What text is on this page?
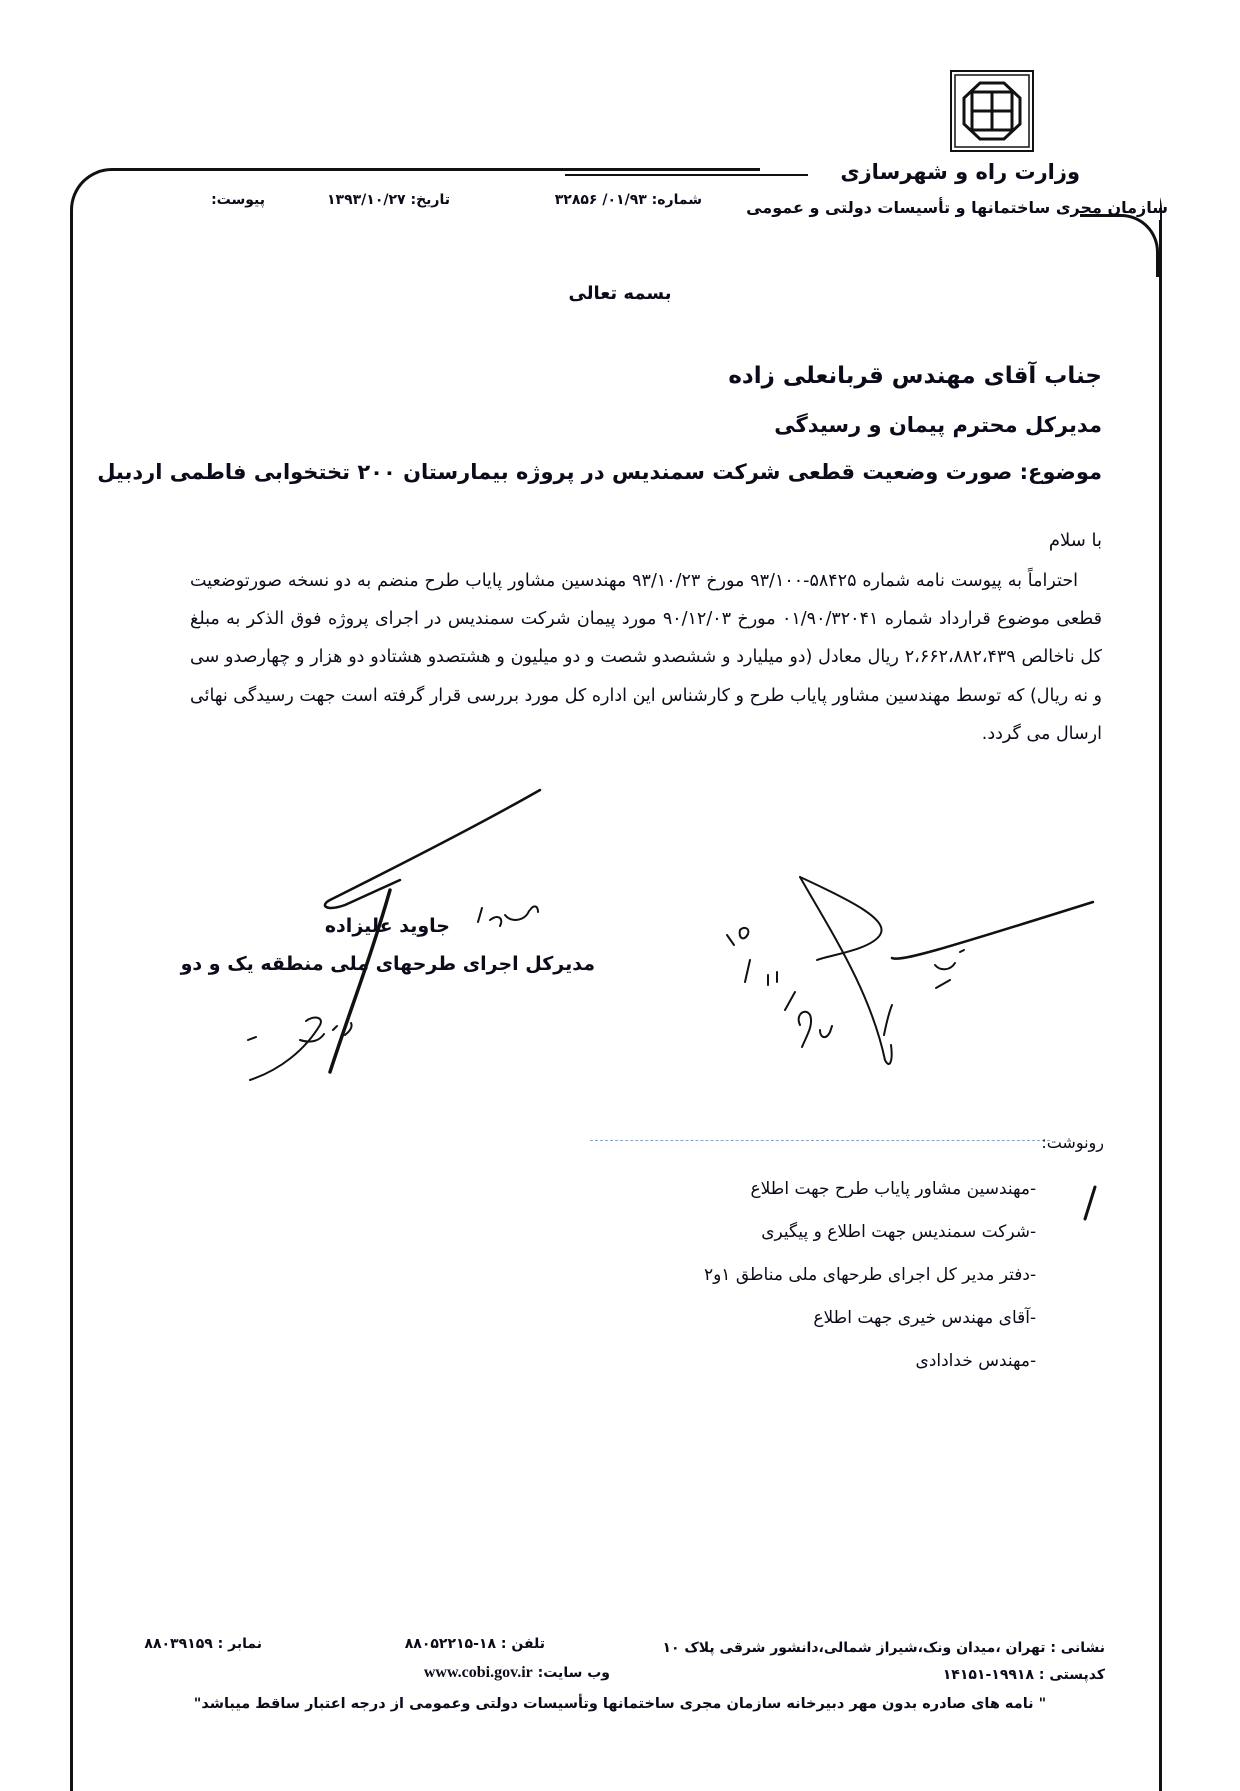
وزارت راه و شهرسازی
سازمان مجری ساختمانها و تأسیسات دولتی و عمومی
شماره: ۰۱/۹۳/ ۳۲۸۵۶
تاریخ: ۱۳۹۳/۱۰/۲۷
پیوست:
بسمه تعالی
جناب آقای مهندس قربانعلی زاده
مدیرکل محترم پیمان و رسیدگی
موضوع: صورت وضعیت قطعی شرکت سمندیس در پروژه بیمارستان ۲۰۰ تختخوابی فاطمی اردبیل
با سلام

احتراماً به پیوست نامه شماره ۵۸۴۲۵-۹۳/۱۰۰ مورخ ۹۳/۱۰/۲۳ مهندسین مشاور پایاب طرح منضم به دو نسخه صورتوضعیت قطعی موضوع قرارداد شماره ۰۱/۹۰/۳۲۰۴۱ مورخ ۹۰/۱۲/۰۳ مورد پیمان شرکت سمندیس در اجرای پروژه فوق الذکر به مبلغ کل ناخالص ۲،۶۶۲،۸۸۲،۴۳۹ ریال معادل (دو میلیارد و ششصدو شصت و دو میلیون و هشتصدو هشتادو دو هزار و چهارصدو سی و نه ریال) که توسط مهندسین مشاور پایاب طرح و کارشناس این اداره کل مورد بررسی قرار گرفته است جهت رسیدگی نهائی ارسال می گردد.

جاوید علیزاده
مدیرکل اجرای طرحهای ملی منطقه یک و دو
رونوشت:
-مهندسین مشاور پایاب طرح جهت اطلاع
-شرکت سمندیس جهت اطلاع و پیگیری
-دفتر مدیر کل اجرای طرحهای ملی مناطق ۱و۲
-آقای مهندس خیری جهت اطلاع
-مهندس خدادادی
نشانی : تهران ،میدان ونک،شیراز شمالی،دانشور شرقی پلاک ۱۰
کدپستی : ۱۹۹۱۸-۱۴۱۵۱
تلفن : ۱۸-۸۸۰۵۲۲۱۵
وب سایت: www.cobi.gov.ir
نمابر : ۸۸۰۳۹۱۵۹
" نامه های صادره بدون مهر دبیرخانه سازمان مجری ساختمانها وتأسیسات دولتی وعمومی از درجه اعتبار ساقط میباشد"
